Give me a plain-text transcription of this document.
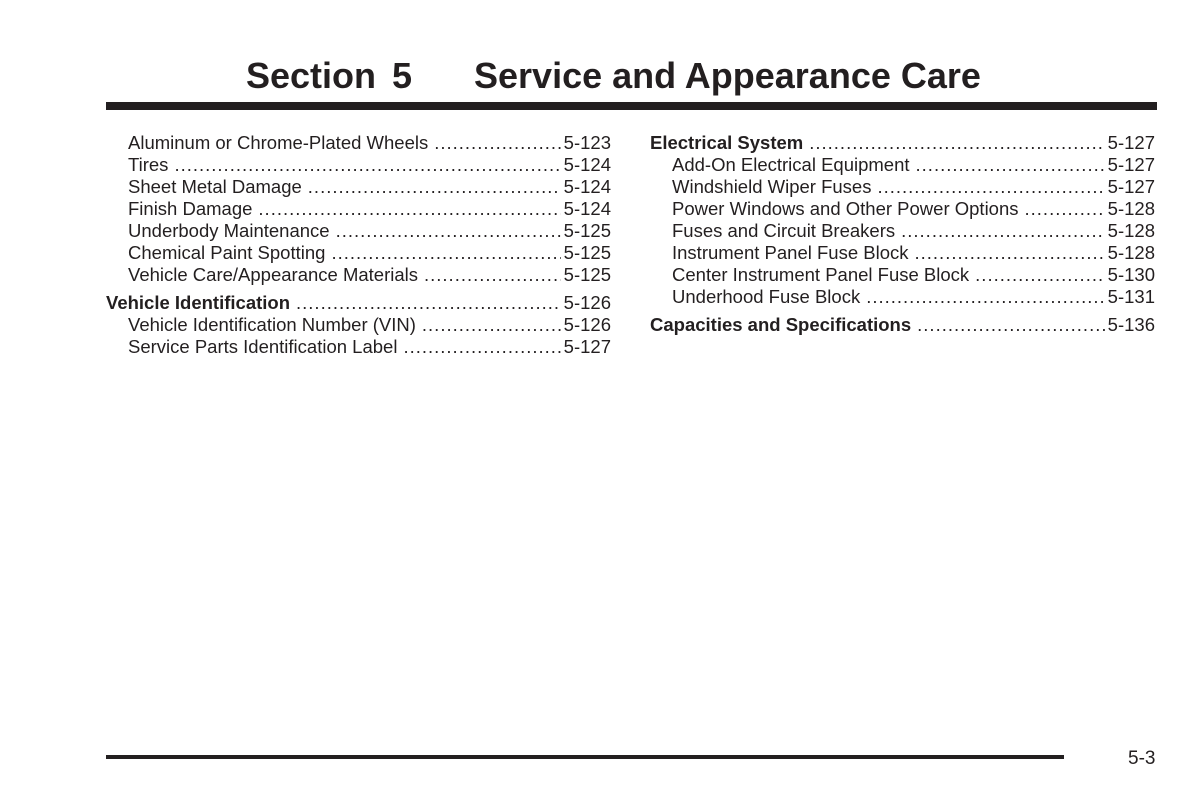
Section 5 Service and Appearance Care
Aluminum or Chrome-Plated Wheels .....	5-123
Tires .....	5-124
Sheet Metal Damage .....	5-124
Finish Damage .....	5-124
Underbody Maintenance .....	5-125
Chemical Paint Spotting .....	5-125
Vehicle Care/Appearance Materials .....	5-125
Vehicle Identification .....	5-126
Vehicle Identification Number (VIN) .....	5-126
Service Parts Identification Label .....	5-127
Electrical System .....	5-127
Add-On Electrical Equipment .....	5-127
Windshield Wiper Fuses .....	5-127
Power Windows and Other Power Options .....	5-128
Fuses and Circuit Breakers .....	5-128
Instrument Panel Fuse Block .....	5-128
Center Instrument Panel Fuse Block .....	5-130
Underhood Fuse Block .....	5-131
Capacities and Specifications .....	5-136
5-3
